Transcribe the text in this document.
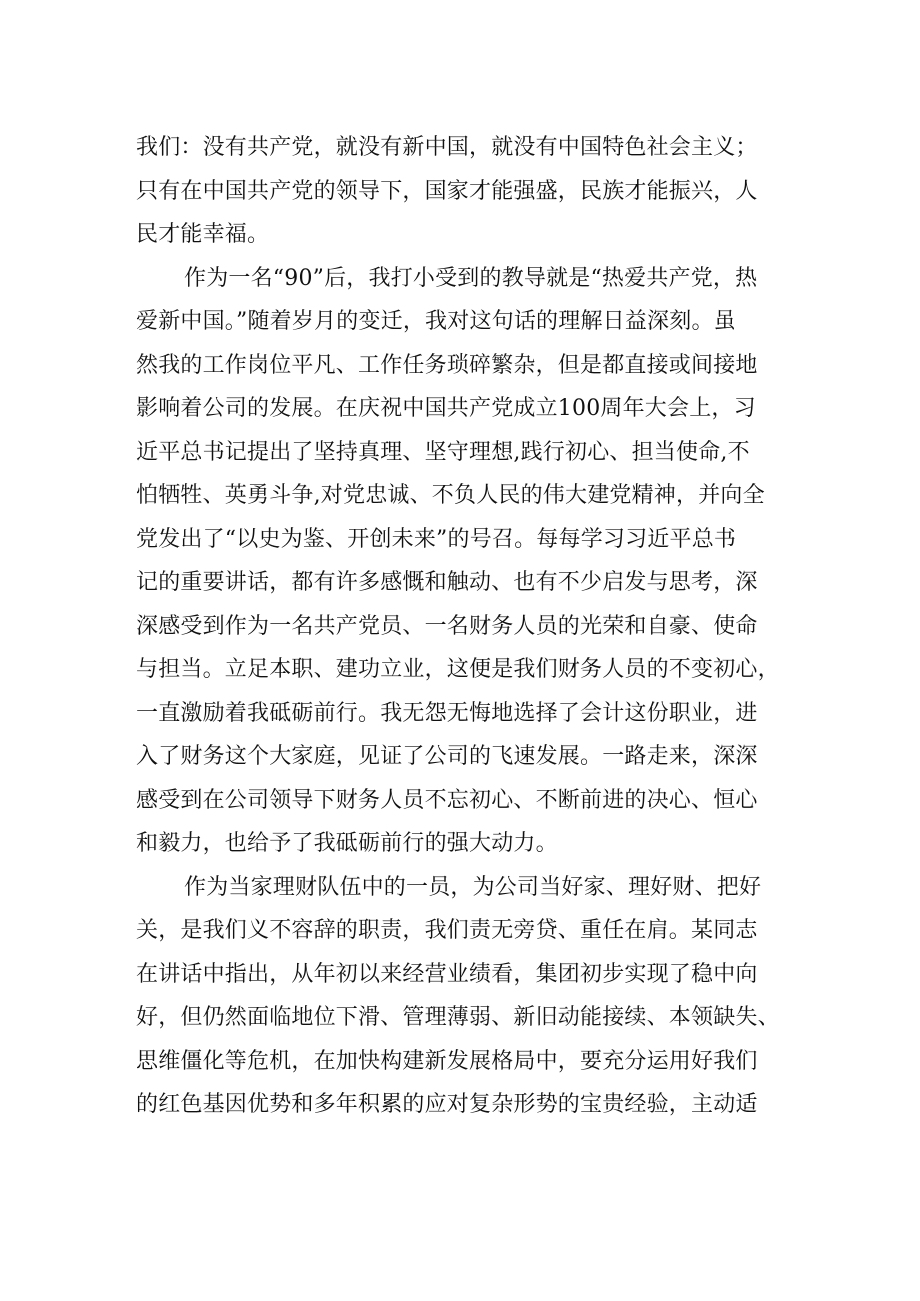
我们：没有共产党，就没有新中国，就没有中国特色社会主义；
只有在中国共产党的领导下，国家才能强盛，民族才能振兴，人
民才能幸福。
作为一名“90”后，我打小受到的教导就是“热爱共产党，热
爱新中国。”随着岁月的变迁，我对这句话的理解日益深刻。虽
然我的工作岗位平凡、工作任务琐碎繁杂，但是都直接或间接地
影响着公司的发展。在庆祝中国共产党成立100周年大会上，习
近平总书记提出了坚持真理、坚守理想,践行初心、担当使命,不
怕牺牲、英勇斗争,对党忠诚、不负人民的伟大建党精神，并向全
党发出了“以史为鉴、开创未来”的号召。每每学习习近平总书
记的重要讲话，都有许多感慨和触动、也有不少启发与思考，深
深感受到作为一名共产党员、一名财务人员的光荣和自豪、使命
与担当。立足本职、建功立业，这便是我们财务人员的不变初心，
一直激励着我砥砺前行。我无怨无悔地选择了会计这份职业，进
入了财务这个大家庭，见证了公司的飞速发展。一路走来，深深
感受到在公司领导下财务人员不忘初心、不断前进的决心、恒心
和毅力，也给予了我砥砺前行的强大动力。
作为当家理财队伍中的一员，为公司当好家、理好财、把好
关，是我们义不容辞的职责，我们责无旁贷、重任在肩。某同志
在讲话中指出，从年初以来经营业绩看，集团初步实现了稳中向
好，但仍然面临地位下滑、管理薄弱、新旧动能接续、本领缺失、
思维僵化等危机，在加快构建新发展格局中，要充分运用好我们
的红色基因优势和多年积累的应对复杂形势的宝贵经验，主动适
